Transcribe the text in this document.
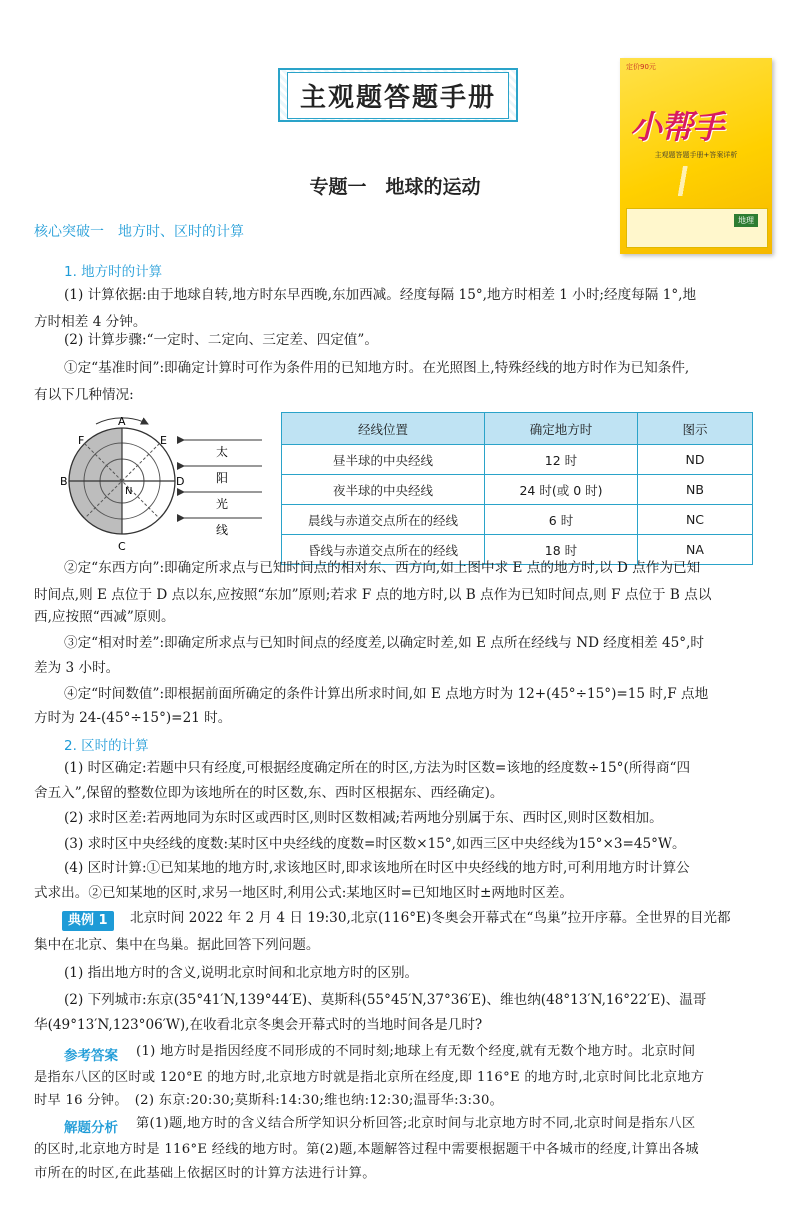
主观题答题手册
专题一　地球的运动
定价90元
小帮手
主观题答题手册+答案详析
地理
核心突破一　地方时、区时的计算
1. 地方时的计算
(1) 计算依据:由于地球自转,地方时东早西晚,东加西减。经度每隔 15°,地方时相差 1 小时;经度每隔 1°,地
方时相差 4 分钟。
(2) 计算步骤:“一定时、二定向、三定差、四定值”。
①定“基准时间”:即确定计算时可作为条件用的已知地方时。在光照图上,特殊经线的地方时作为已知条件,
有以下几种情况:
A
B
C
D
E
F
N
太
阳
光
线
经线位置	确定地方时	图示
昼半球的中央经线	12 时	ND
夜半球的中央经线	24 时(或 0 时)	NB
晨线与赤道交点所在的经线	6 时	NC
昏线与赤道交点所在的经线	18 时	NA
②定“东西方向”:即确定所求点与已知时间点的相对东、西方向,如上图中求 E 点的地方时,以 D 点作为已知
时间点,则 E 点位于 D 点以东,应按照“东加”原则;若求 F 点的地方时,以 B 点作为已知时间点,则 F 点位于 B 点以
西,应按照“西减”原则。
③定“相对时差”:即确定所求点与已知时间点的经度差,以确定时差,如 E 点所在经线与 ND 经度相差 45°,时
差为 3 小时。
④定“时间数值”:即根据前面所确定的条件计算出所求时间,如 E 点地方时为 12+(45°÷15°)=15 时,F 点地
方时为 24-(45°÷15°)=21 时。
2. 区时的计算
(1) 时区确定:若题中只有经度,可根据经度确定所在的时区,方法为时区数=该地的经度数÷15°(所得商“四
舍五入”,保留的整数位即为该地所在的时区数,东、西时区根据东、西经确定)。
(2) 求时区差:若两地同为东时区或西时区,则时区数相减;若两地分别属于东、西时区,则时区数相加。
(3) 求时区中央经线的度数:某时区中央经线的度数=时区数×15°,如西三区中央经线为15°×3=45°W。
(4) 区时计算:①已知某地的地方时,求该地区时,即求该地所在时区中央经线的地方时,可利用地方时计算公
式求出。②已知某地的区时,求另一地区时,利用公式:某地区时=已知地区时±两地时区差。
典例 1	北京时间 2022 年 2 月 4 日 19:30,北京(116°E)冬奥会开幕式在“鸟巢”拉开序幕。全世界的目光都
集中在北京、集中在鸟巢。据此回答下列问题。
(1) 指出地方时的含义,说明北京时间和北京地方时的区别。
(2) 下列城市:东京(35°41′N,139°44′E)、莫斯科(55°45′N,37°36′E)、维也纳(48°13′N,16°22′E)、温哥
华(49°13′N,123°06′W),在收看北京冬奥会开幕式时的当地时间各是几时?
参考答案 (1) 地方时是指因经度不同形成的不同时刻;地球上有无数个经度,就有无数个地方时。北京时间
是指东八区的区时或 120°E 的地方时,北京地方时就是指北京所在经度,即 116°E 的地方时,北京时间比北京地方
时早 16 分钟。　(2) 东京:20:30;莫斯科:14:30;维也纳:12:30;温哥华:3:30。
解题分析 第(1)题,地方时的含义结合所学知识分析回答;北京时间与北京地方时不同,北京时间是指东八区
的区时,北京地方时是 116°E 经线的地方时。第(2)题,本题解答过程中需要根据题干中各城市的经度,计算出各城
市所在的时区,在此基础上依据区时的计算方法进行计算。
